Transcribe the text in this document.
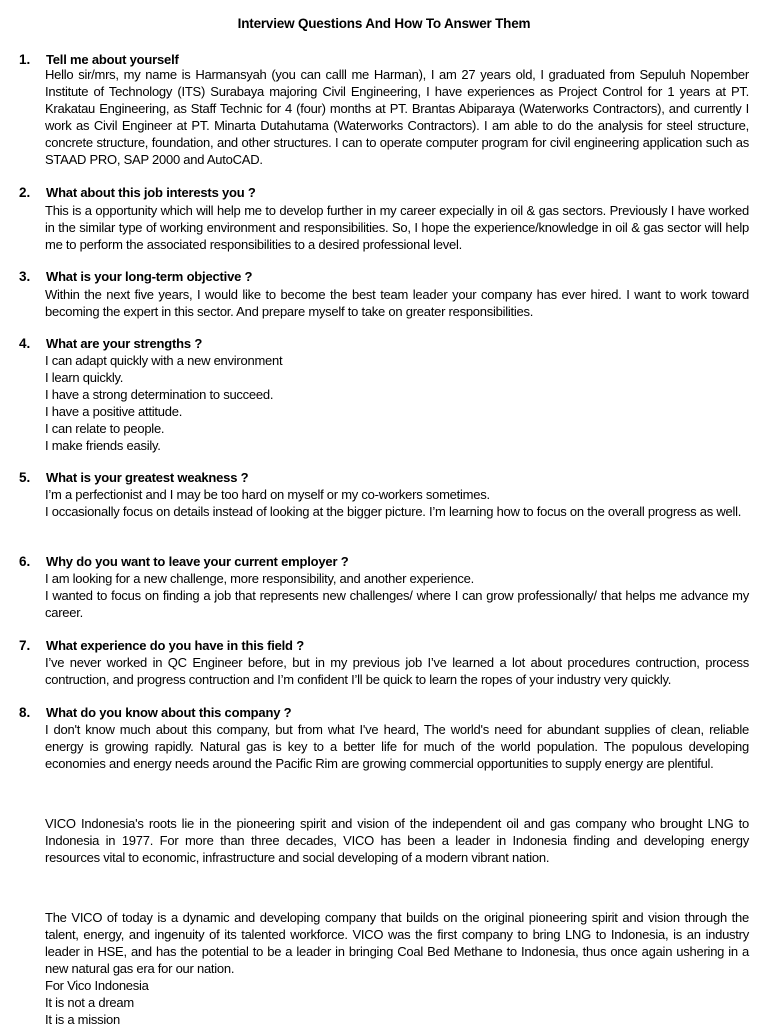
Interview Questions And How To Answer Them
1. Tell me about yourself

Hello sir/mrs, my name is Harmansyah (you can calll me Harman), I am 27 years old, I graduated from Sepuluh Nopember Institute of Technology (ITS) Surabaya majoring Civil Engineering, I have experiences as Project Control for 1 years at PT. Krakatau Engineering, as Staff Technic for 4 (four) months at PT. Brantas Abiparaya (Waterworks Contractors), and currently I work as Civil Engineer at PT. Minarta Dutahutama (Waterworks Contractors). I am able to do the analysis for steel structure, concrete structure, foundation, and other structures. I can to operate computer program for civil engineering application such as STAAD PRO, SAP 2000 and AutoCAD.

2. What about this job interests you ?

This is a opportunity which will help me to develop further in my career expecially in oil & gas sectors. Previously I have worked in the similar type of working environment and responsibilities. So, I hope the experience/knowledge in oil & gas sector will help me to perform the associated responsibilities to a desired professional level.

3. What is your long-term objective ?

Within the next five years, I would like to become the best team leader your company has ever hired. I want to work toward becoming the expert in this sector. And prepare myself to take on greater responsibilities.

4. What are your strengths ?

I can adapt quickly with a new environment

I learn quickly.

I have a strong determination to succeed.

I have a positive attitude.

I can relate to people.

I make friends easily.

5. What is your greatest weakness ?

I’m a perfectionist and I may be too hard on myself or my co-workers sometimes.

I occasionally focus on details instead of looking at the bigger picture. I’m learning how to focus on the overall progress as well.

6. Why do you want to leave your current employer ?

I am looking for a new challenge, more responsibility, and another experience.

I wanted to focus on finding a job that represents new challenges/ where I can grow professionally/ that helps me advance my career.

7. What experience do you have in this field ?

I’ve never worked in QC Engineer before, but in my previous job I’ve learned a lot about procedures contruction, process contruction, and progress contruction and I’m confident I’ll be quick to learn the ropes of your industry very quickly.

8. What do you know about this company ?

I don't know much about this company, but from what I've heard, The world's need for abundant supplies of clean, reliable energy is growing rapidly. Natural gas is key to a better life for much of the world population. The populous developing economies and energy needs around the Pacific Rim are growing commercial opportunities to supply energy are plentiful.

VICO Indonesia's roots lie in the pioneering spirit and vision of the independent oil and gas company who brought LNG to Indonesia in 1977. For more than three decades, VICO has been a leader in Indonesia finding and developing energy resources vital to economic, infrastructure and social developing of a modern vibrant nation.

The VICO of today is a dynamic and developing company that builds on the original pioneering spirit and vision through the talent, energy, and ingenuity of its talented workforce. VICO was the first company to bring LNG to Indonesia, is an industry leader in HSE, and has the potential to be a leader in bringing Coal Bed Methane to Indonesia, thus once again ushering in a new natural gas era for our nation.

For Vico Indonesia

It is not a dream

It is a mission
